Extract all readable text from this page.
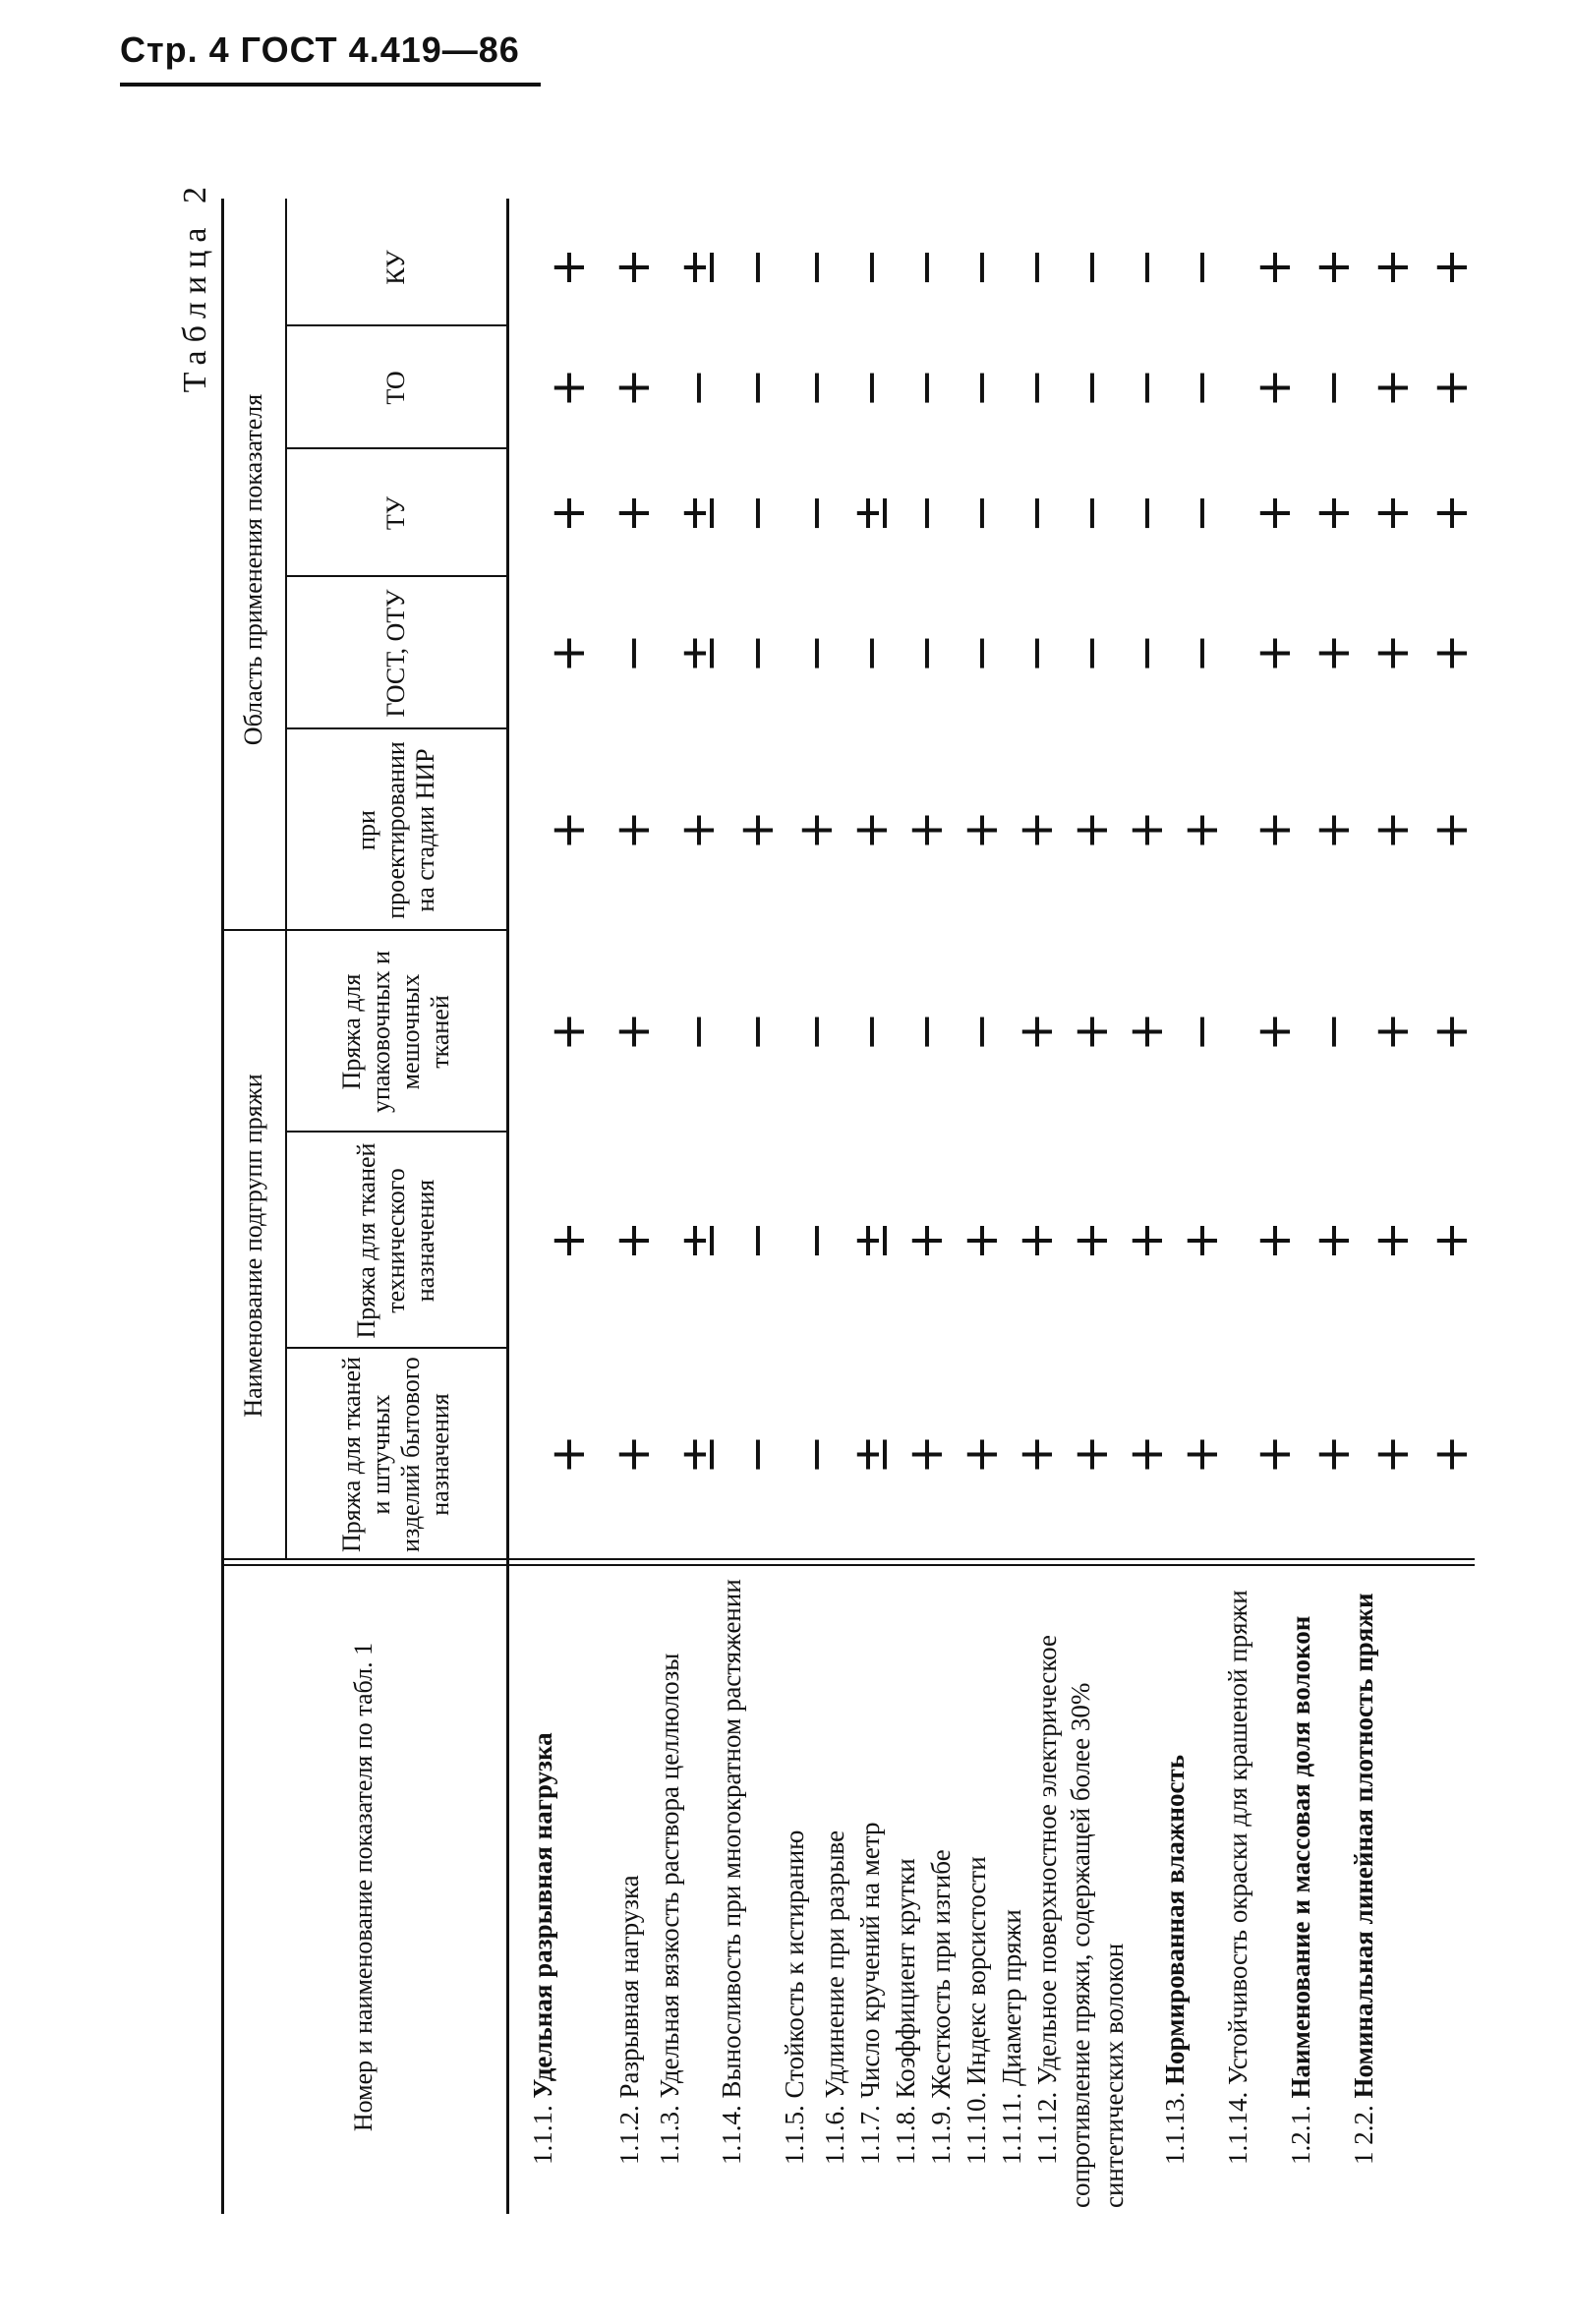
Стр. 4 ГОСТ 4.419—86
Таблица 2
Номер и наименование показателя по табл. 1
Наименование подгрупп пряжи
Область применения показателя
Пряжа для тканей и штучных изделий бытового назначения
Пряжа для тканей технического назначения
Пряжа для упаковочных и мешочных тканей
при проектировании на стадии НИР
ГОСТ, ОТУ
ТУ
ТО
КУ
1.1.1. Удельная разрывная нагрузка
+
+
+
+
+
+
+
+
1.1.2. Разрывная нагрузка
+
+
+
+
−
+
+
+
1.1.3. Удельная вязкость раствора целлюлозы
±
±
−
+
±
±
−
±
1.1.4. Выносливость при многократном растяжении
−
−
−
+
−
−
−
−
1.1.5. Стойкость к истиранию
−
−
−
+
−
−
−
−
1.1.6. Удлинение при разрыве
±
±
−
+
−
±
−
−
1.1.7. Число кручений на метр
+
+
−
+
−
−
−
−
1.1.8. Коэффициент крутки
+
+
−
+
−
−
−
−
1.1.9. Жесткость при изгибе
+
+
+
+
−
−
−
−
1.1.10. Индекс ворсистости
+
+
+
+
−
−
−
−
1.1.11. Диаметр пряжи
+
+
+
+
−
−
−
−
1.1.12. Удельное поверхностное электрическое сопротивление пряжи, содержащей более 30% синтетических волокон
+
+
−
+
−
−
−
−
1.1.13. Нормированная влажность
+
+
+
+
+
+
+
+
1.1.14. Устойчивость окраски для крашеной пряжи
+
+
−
+
+
+
−
+
1.2.1. Наименование и массовая доля волокон
+
+
+
+
+
+
+
+
1 2.2. Номинальная линейная плотность пряжи
+
+
+
+
+
+
+
+
